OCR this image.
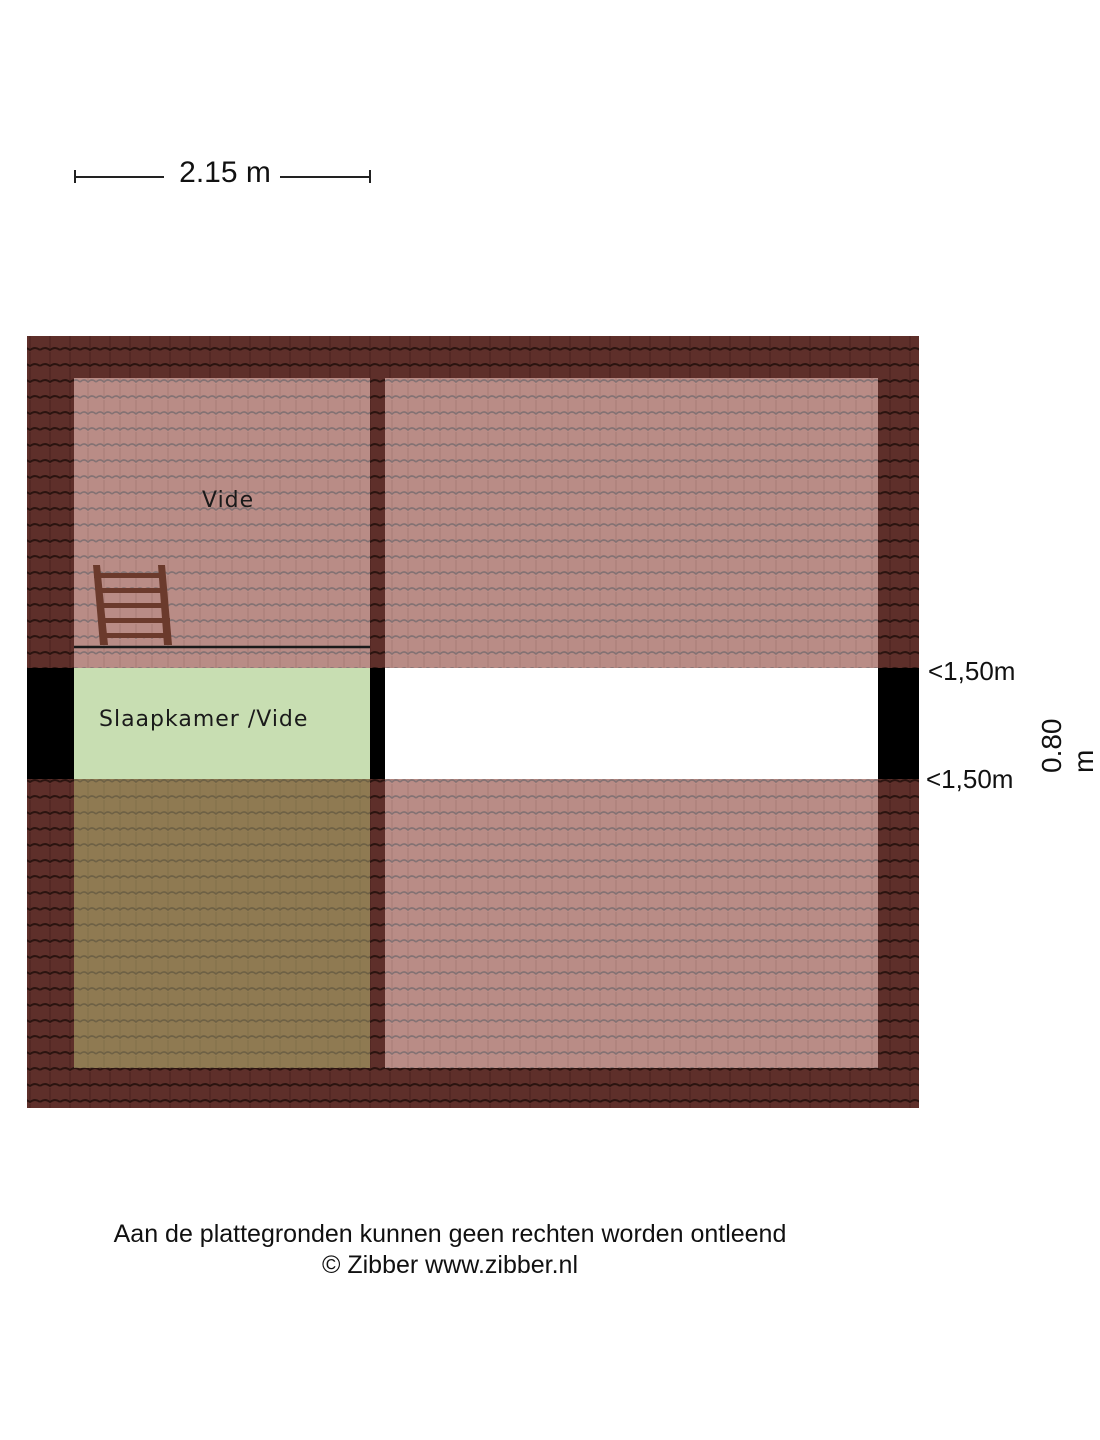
2.15 m
Vide
Slaapkamer /Vide
<1,50m
<1,50m
0.80 m
Aan de plattegronden kunnen geen rechten worden ontleend
© Zibber www.zibber.nl
